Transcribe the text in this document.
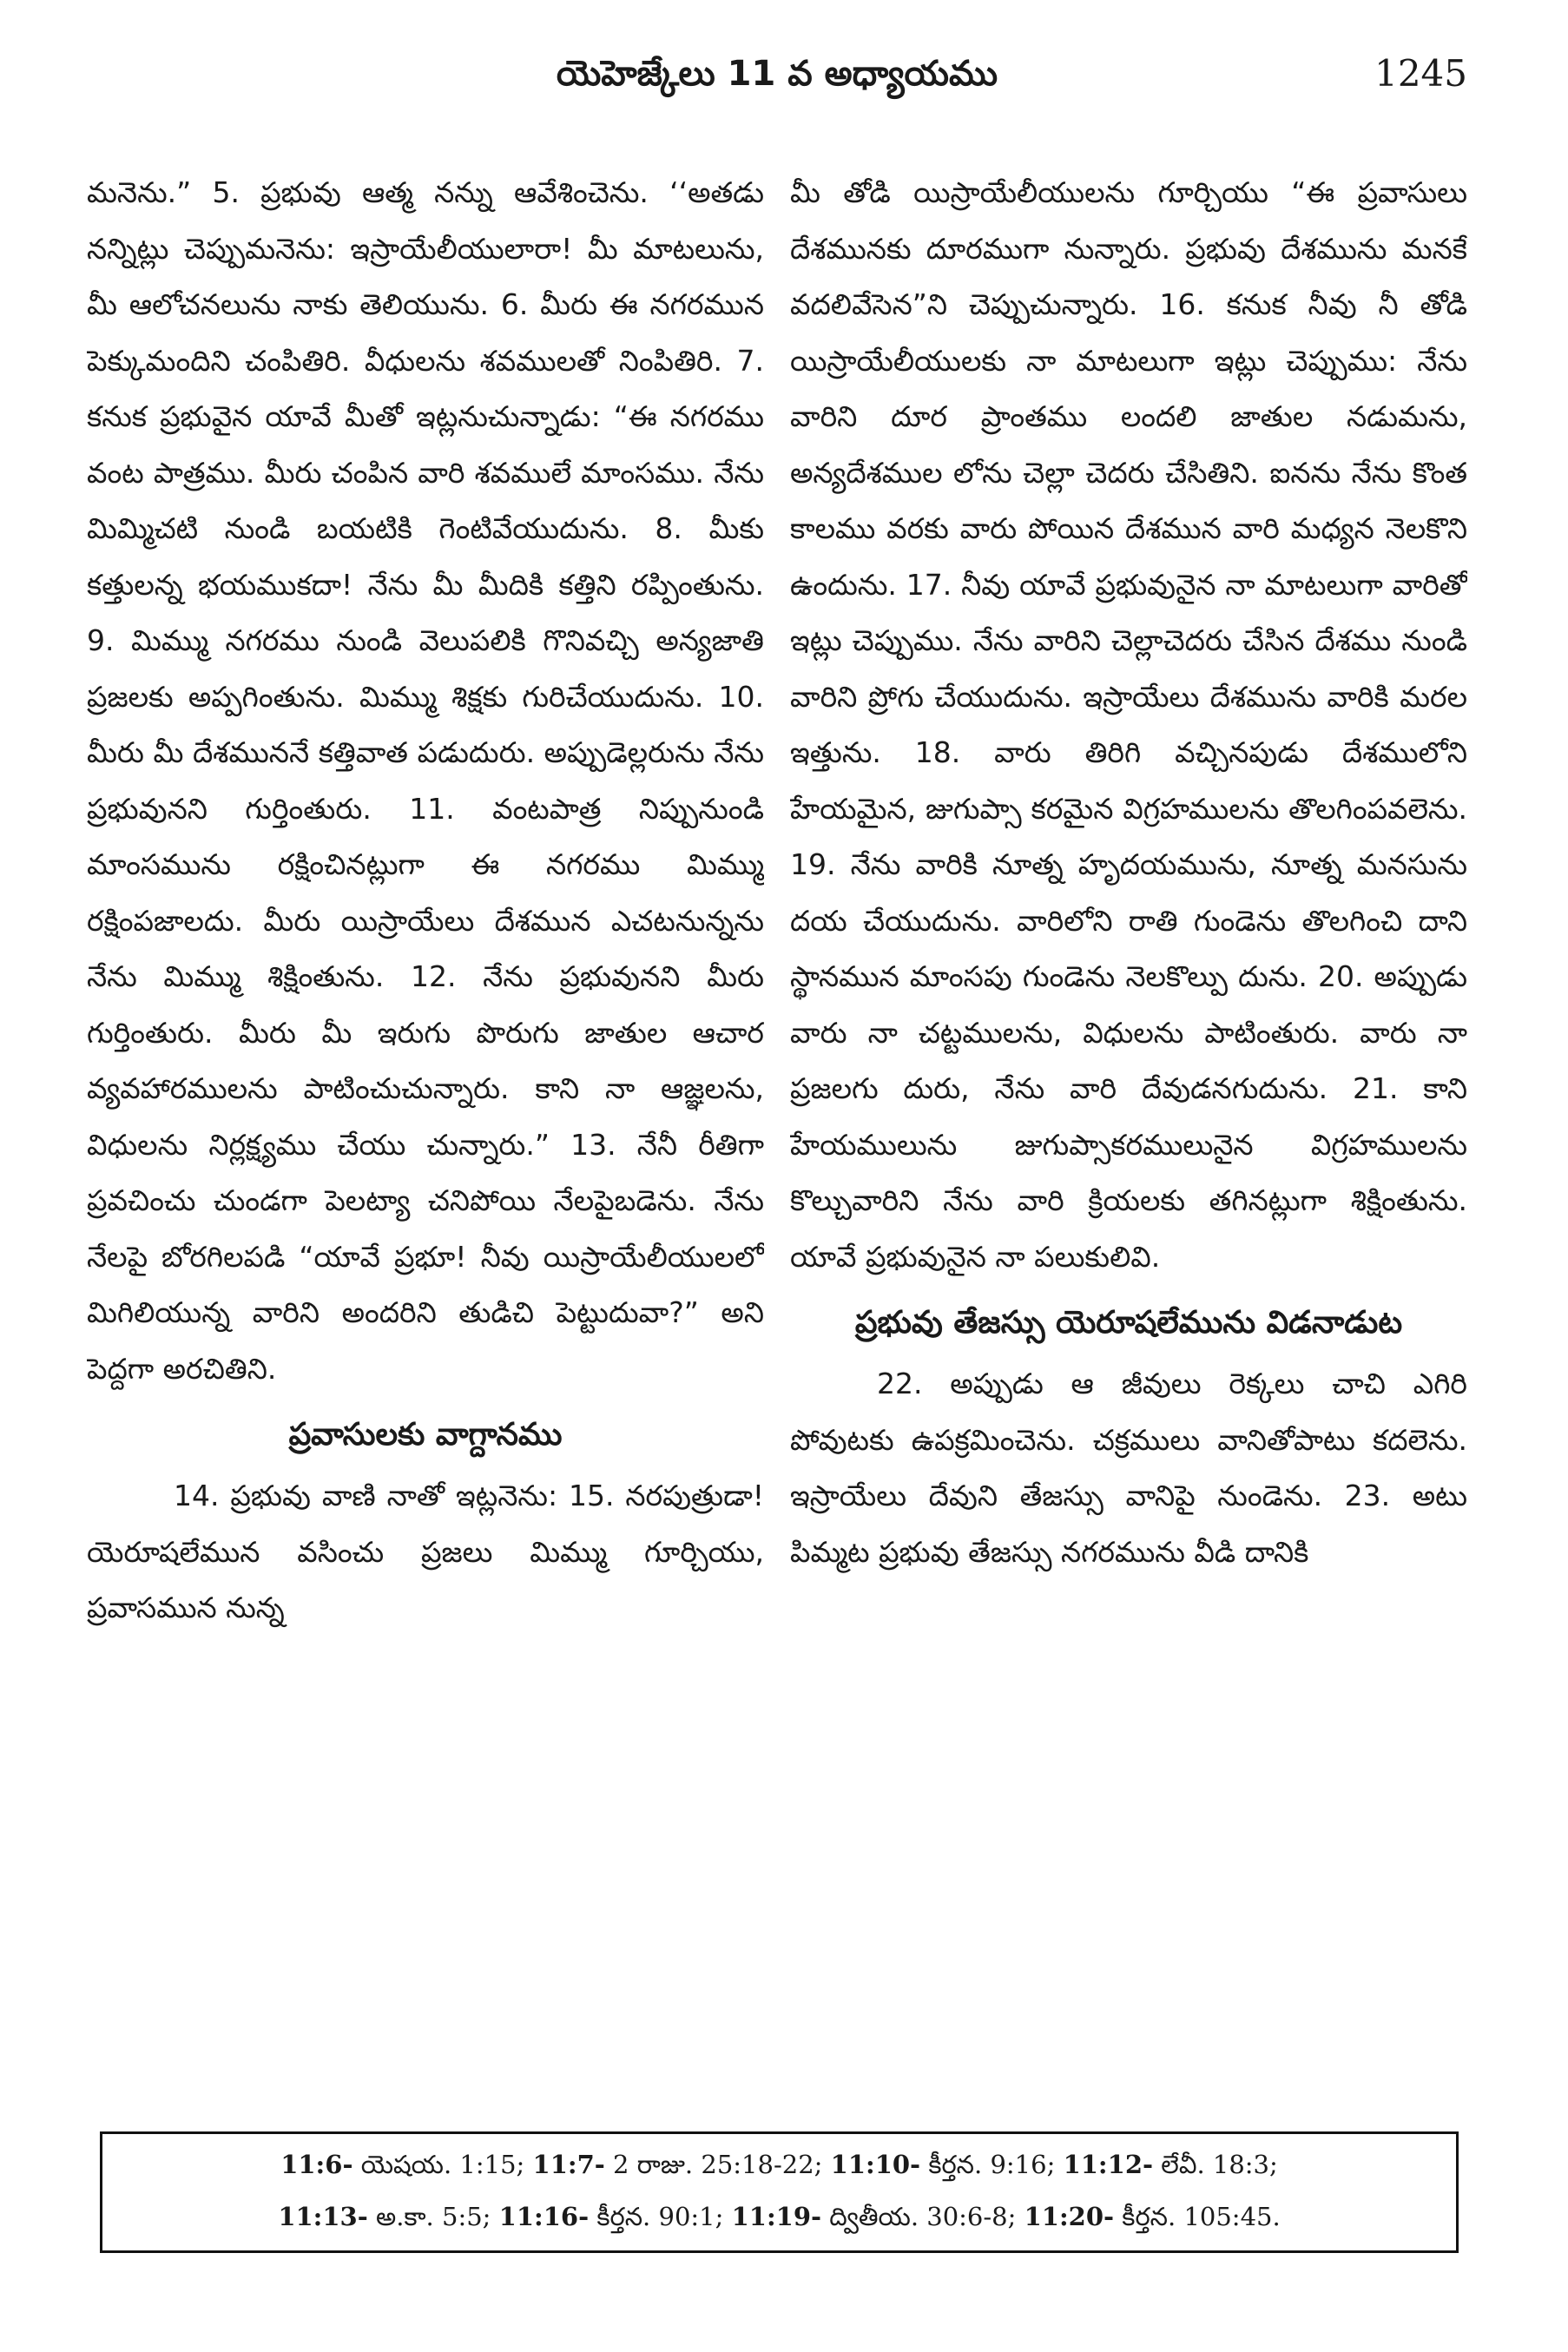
యెహెజ్కేలు 11 వ అధ్యాయము	1245

మనెను.” 5. ప్రభువు ఆత్మ నన్ను ఆవేశించెను. ‘‘అతడు నన్నిట్లు చెప్పుమనెను: ఇస్రాయేలీయులారా! మీ మాటలును, మీ ఆలోచనలును నాకు తెలియును. 6. మీరు ఈ నగరమున పెక్కుమందిని చంపితిరి. వీధులను శవములతో నింపితిరి. 7. కనుక ప్రభువైన యావే మీతో ఇట్లనుచున్నాడు: “ఈ నగరము వంట పాత్రము. మీరు చంపిన వారి శవములే మాంసము. నేను మిమ్మిచటి నుండి బయటికి గెంటివేయుదును. 8. మీకు కత్తులన్న భయముకదా! నేను మీ మీదికి కత్తిని రప్పింతును. 9. మిమ్ము నగరము నుండి వెలుపలికి గొనివచ్చి అన్యజాతి ప్రజలకు అప్పగింతును. మిమ్ము శిక్షకు గురిచేయుదును. 10. మీరు మీ దేశముననే కత్తివాత పడుదురు. అప్పుడెల్లరును నేను ప్రభువునని గుర్తింతురు. 11. వంటపాత్ర నిప్పునుండి మాంసమును రక్షించినట్లుగా ఈ నగరము మిమ్ము రక్షింపజాలదు. మీరు యిస్రాయేలు దేశమున ఎచటనున్నను నేను మిమ్ము శిక్షింతును. 12. నేను ప్రభువునని మీరు గుర్తింతురు. మీరు మీ ఇరుగు పొరుగు జాతుల ఆచార వ్యవహారములను పాటించుచున్నారు. కాని నా ఆజ్ఞలను, విధులను నిర్లక్ష్యము చేయు చున్నారు.” 13. నేనీ రీతిగా ప్రవచించు చుండగా పెలట్యా చనిపోయి నేలపైబడెను. నేను నేలపై బోరగిలపడి “యావే ప్రభూ! నీవు యిస్రాయేలీయులలో మిగిలియున్న వారిని అందరిని తుడిచి పెట్టుదువా?” అని పెద్దగా అరచితిని.

ప్రవాసులకు వాగ్దానము

14. ప్రభువు వాణి నాతో ఇట్లనెను: 15. నరపుత్రుడా! యెరూషలేమున వసించు ప్రజలు మిమ్ము గూర్చియు, ప్రవాసమున నున్న

మీ తోడి యిస్రాయేలీయులను గూర్చియు “ఈ ప్రవాసులు దేశమునకు దూరముగా నున్నారు. ప్రభువు దేశమును మనకే వదలివేసెన”ని చెప్పుచున్నారు. 16. కనుక నీవు నీ తోడి యిస్రాయేలీయులకు నా మాటలుగా ఇట్లు చెప్పుము: నేను వారిని దూర ప్రాంతము లందలి జాతుల నడుమను, అన్యదేశముల లోను చెల్లా చెదరు చేసితిని. ఐనను నేను కొంత కాలము వరకు వారు పోయిన దేశమున వారి మధ్యన నెలకొని ఉందును. 17. నీవు యావే ప్రభువునైన నా మాటలుగా వారితో ఇట్లు చెప్పుము. నేను వారిని చెల్లాచెదరు చేసిన దేశము నుండి వారిని ప్రోగు చేయుదును. ఇస్రాయేలు దేశమును వారికి మరల ఇత్తును. 18. వారు తిరిగి వచ్చినపుడు దేశములోని హేయమైన, జుగుప్సా కరమైన విగ్రహములను తొలగింపవలెను. 19. నేను వారికి నూత్న హృదయమును, నూత్న మనసును దయ చేయుదును. వారిలోని రాతి గుండెను తొలగించి దాని స్థానమున మాంసపు గుండెను నెలకొల్పు దును. 20. అప్పుడు వారు నా చట్టములను, విధులను పాటింతురు. వారు నా ప్రజలగు దురు, నేను వారి దేవుడనగుదును. 21. కాని హేయములును జుగుప్సాకరములునైన విగ్రహములను కొల్చువారిని నేను వారి క్రియలకు తగినట్లుగా శిక్షింతును. యావే ప్రభువునైన నా పలుకులివి.

ప్రభువు తేజస్సు యెరూషలేమును విడనాడుట

22. అప్పుడు ఆ జీవులు రెక్కలు చాచి ఎగిరి పోవుటకు ఉపక్రమించెను. చక్రములు వానితోపాటు కదలెను. ఇస్రాయేలు దేవుని తేజస్సు వానిపై నుండెను. 23. అటు పిమ్మట ప్రభువు తేజస్సు నగరమును వీడి దానికి

11:6- యెషయ. 1:15; 11:7- 2 రాజు. 25:18-22; 11:10- కీర్తన. 9:16; 11:12- లేవీ. 18:3;
11:13- అ.కా. 5:5; 11:16- కీర్తన. 90:1; 11:19- ద్వితీయ. 30:6-8; 11:20- కీర్తన. 105:45.
